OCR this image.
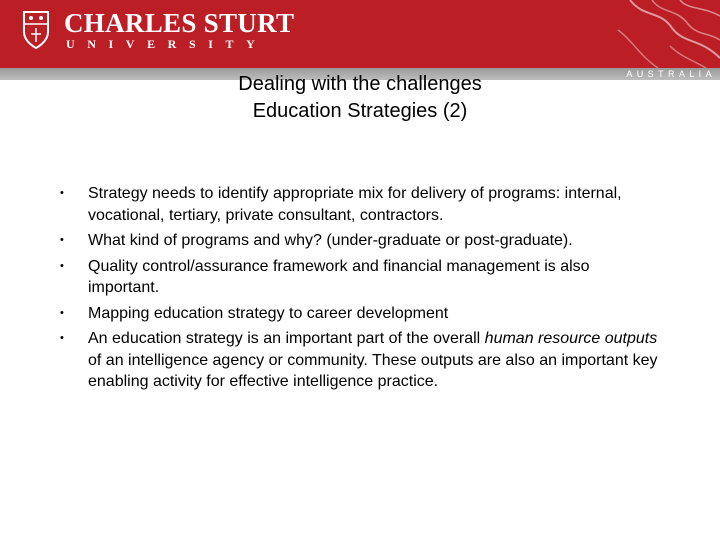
CHARLES STURT
UNIVERSITY
AUSTRALIA
Dealing with the challenges
Education Strategies (2)
• Strategy needs to identify appropriate mix for delivery of programs: internal, vocational, tertiary, private consultant, contractors.
• What kind of programs and why? (under-graduate or post-graduate).
• Quality control/assurance framework and financial management is also important.
• Mapping education strategy to career development
• An education strategy is an important part of the overall human resource outputs of an intelligence agency or community. These outputs are also an important key enabling activity for effective intelligence practice.
